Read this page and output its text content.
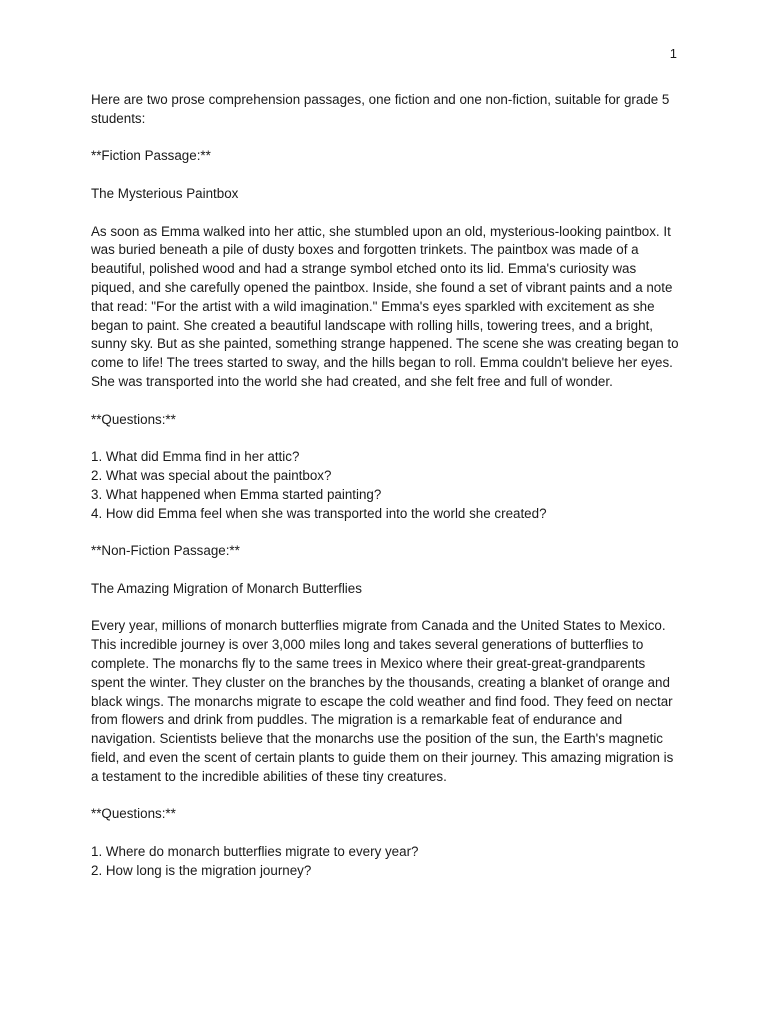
1

Here are two prose comprehension passages, one fiction and one non-fiction, suitable for grade 5 students:

**Fiction Passage:**

The Mysterious Paintbox

As soon as Emma walked into her attic, she stumbled upon an old, mysterious-looking paintbox. It was buried beneath a pile of dusty boxes and forgotten trinkets. The paintbox was made of a beautiful, polished wood and had a strange symbol etched onto its lid. Emma's curiosity was piqued, and she carefully opened the paintbox. Inside, she found a set of vibrant paints and a note that read: "For the artist with a wild imagination." Emma's eyes sparkled with excitement as she began to paint. She created a beautiful landscape with rolling hills, towering trees, and a bright, sunny sky. But as she painted, something strange happened. The scene she was creating began to come to life! The trees started to sway, and the hills began to roll. Emma couldn't believe her eyes. She was transported into the world she had created, and she felt free and full of wonder.

**Questions:**

1. What did Emma find in her attic?
2. What was special about the paintbox?
3. What happened when Emma started painting?
4. How did Emma feel when she was transported into the world she created?

**Non-Fiction Passage:**

The Amazing Migration of Monarch Butterflies

Every year, millions of monarch butterflies migrate from Canada and the United States to Mexico. This incredible journey is over 3,000 miles long and takes several generations of butterflies to complete. The monarchs fly to the same trees in Mexico where their great-great-grandparents spent the winter. They cluster on the branches by the thousands, creating a blanket of orange and black wings. The monarchs migrate to escape the cold weather and find food. They feed on nectar from flowers and drink from puddles. The migration is a remarkable feat of endurance and navigation. Scientists believe that the monarchs use the position of the sun, the Earth's magnetic field, and even the scent of certain plants to guide them on their journey. This amazing migration is a testament to the incredible abilities of these tiny creatures.

**Questions:**

1. Where do monarch butterflies migrate to every year?
2. How long is the migration journey?
